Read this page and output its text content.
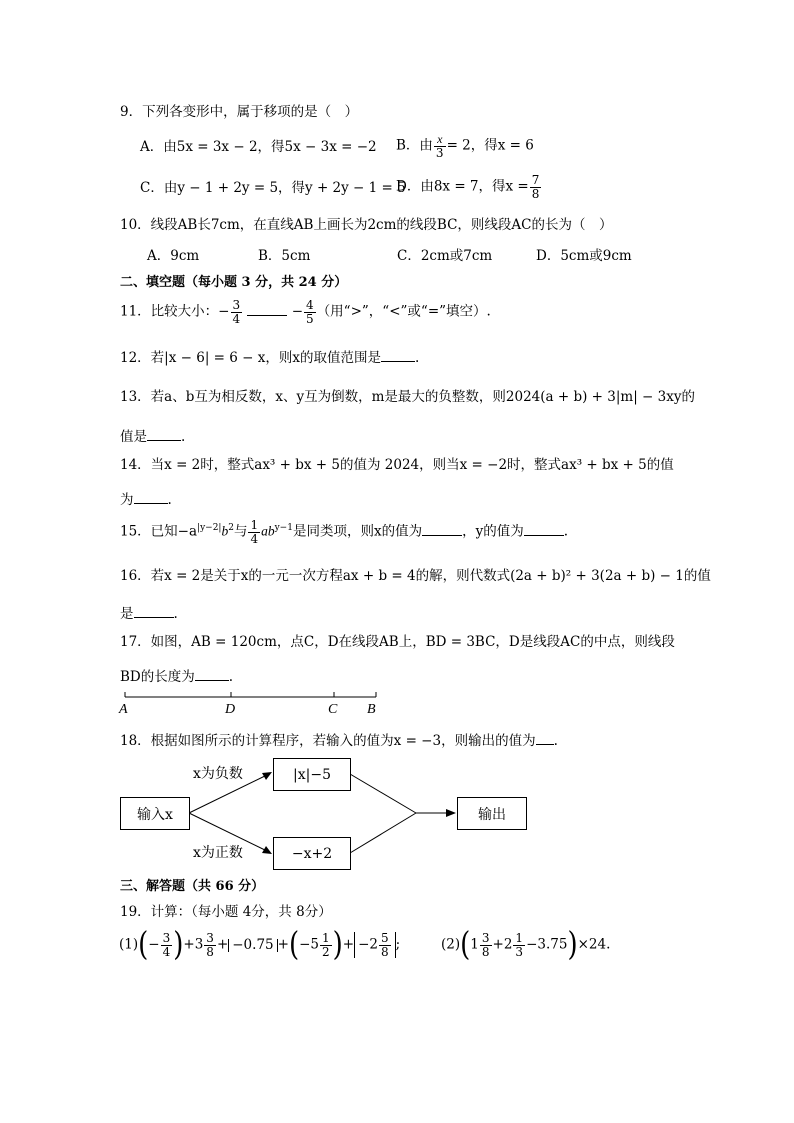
9．下列各变形中，属于移项的是（　）
A．由5x = 3x − 2，得5x − 3x = −2 B．由 $\frac{x}{3} = 2$，得x = 6
C．由y − 1 + 2y = 5，得y + 2y − 1 = 5
D．由8x = 7，得$x = \frac{7}{8}$
10．线段AB长7cm，在直线AB上画长为2cm的线段BC，则线段AC的长为（　）
A．9cm	B．5cm	C．2cm或7cm	D．5cm或9cm
二、填空题（每小题 3 分，共 24 分）
11．比较大小：− $\frac{3}{4}$	− $\frac{4}{5}$ （用“>”，“<”或“=”填空）.
12．若|x − 6| = 6 − x，则x的取值范围是	.
13．若a、b互为相反数，x、y互为倒数，m是最大的负整数，则2024(a + b) + 3|m| − 3xy的
值是	.
14．当x = 2时，整式ax³ + bx + 5的值为 2024，则当x = −2时，整式ax³ + bx + 5的值
为	.
15．已知$-a^{|y-2|}b^2$与 $\frac{1}{4} ab^{y-1}$是同类项，则x的值为	，y的值为	.
16．若x = 2是关于x的一元一次方程ax + b = 4的解，则代数式(2a + b)² + 3(2a + b) − 1的值
是	.
17．如图，AB = 120cm，点C，D在线段AB上，BD = 3BC，D是线段AC的中点，则线段
BD的长度为	.
A	D	C B
18．根据如图所示的计算程序，若输入的值为x = −3，则输出的值为 .
输入x
x为负数
x为正数
|x|−5
−x+2
输出
三、解答题（共 66 分）
19．计算：（每小题 4分，共 8分）
$(1)(- \frac{3}{4} )+3 \frac{3}{8} + -0.75 +(-5 \frac{1}{2}$ )+ $-2 \frac{5}{8}$ ;	$(2)(1 \frac{3}{8} +2 \frac{1}{3} -3.75)\times 24$.
